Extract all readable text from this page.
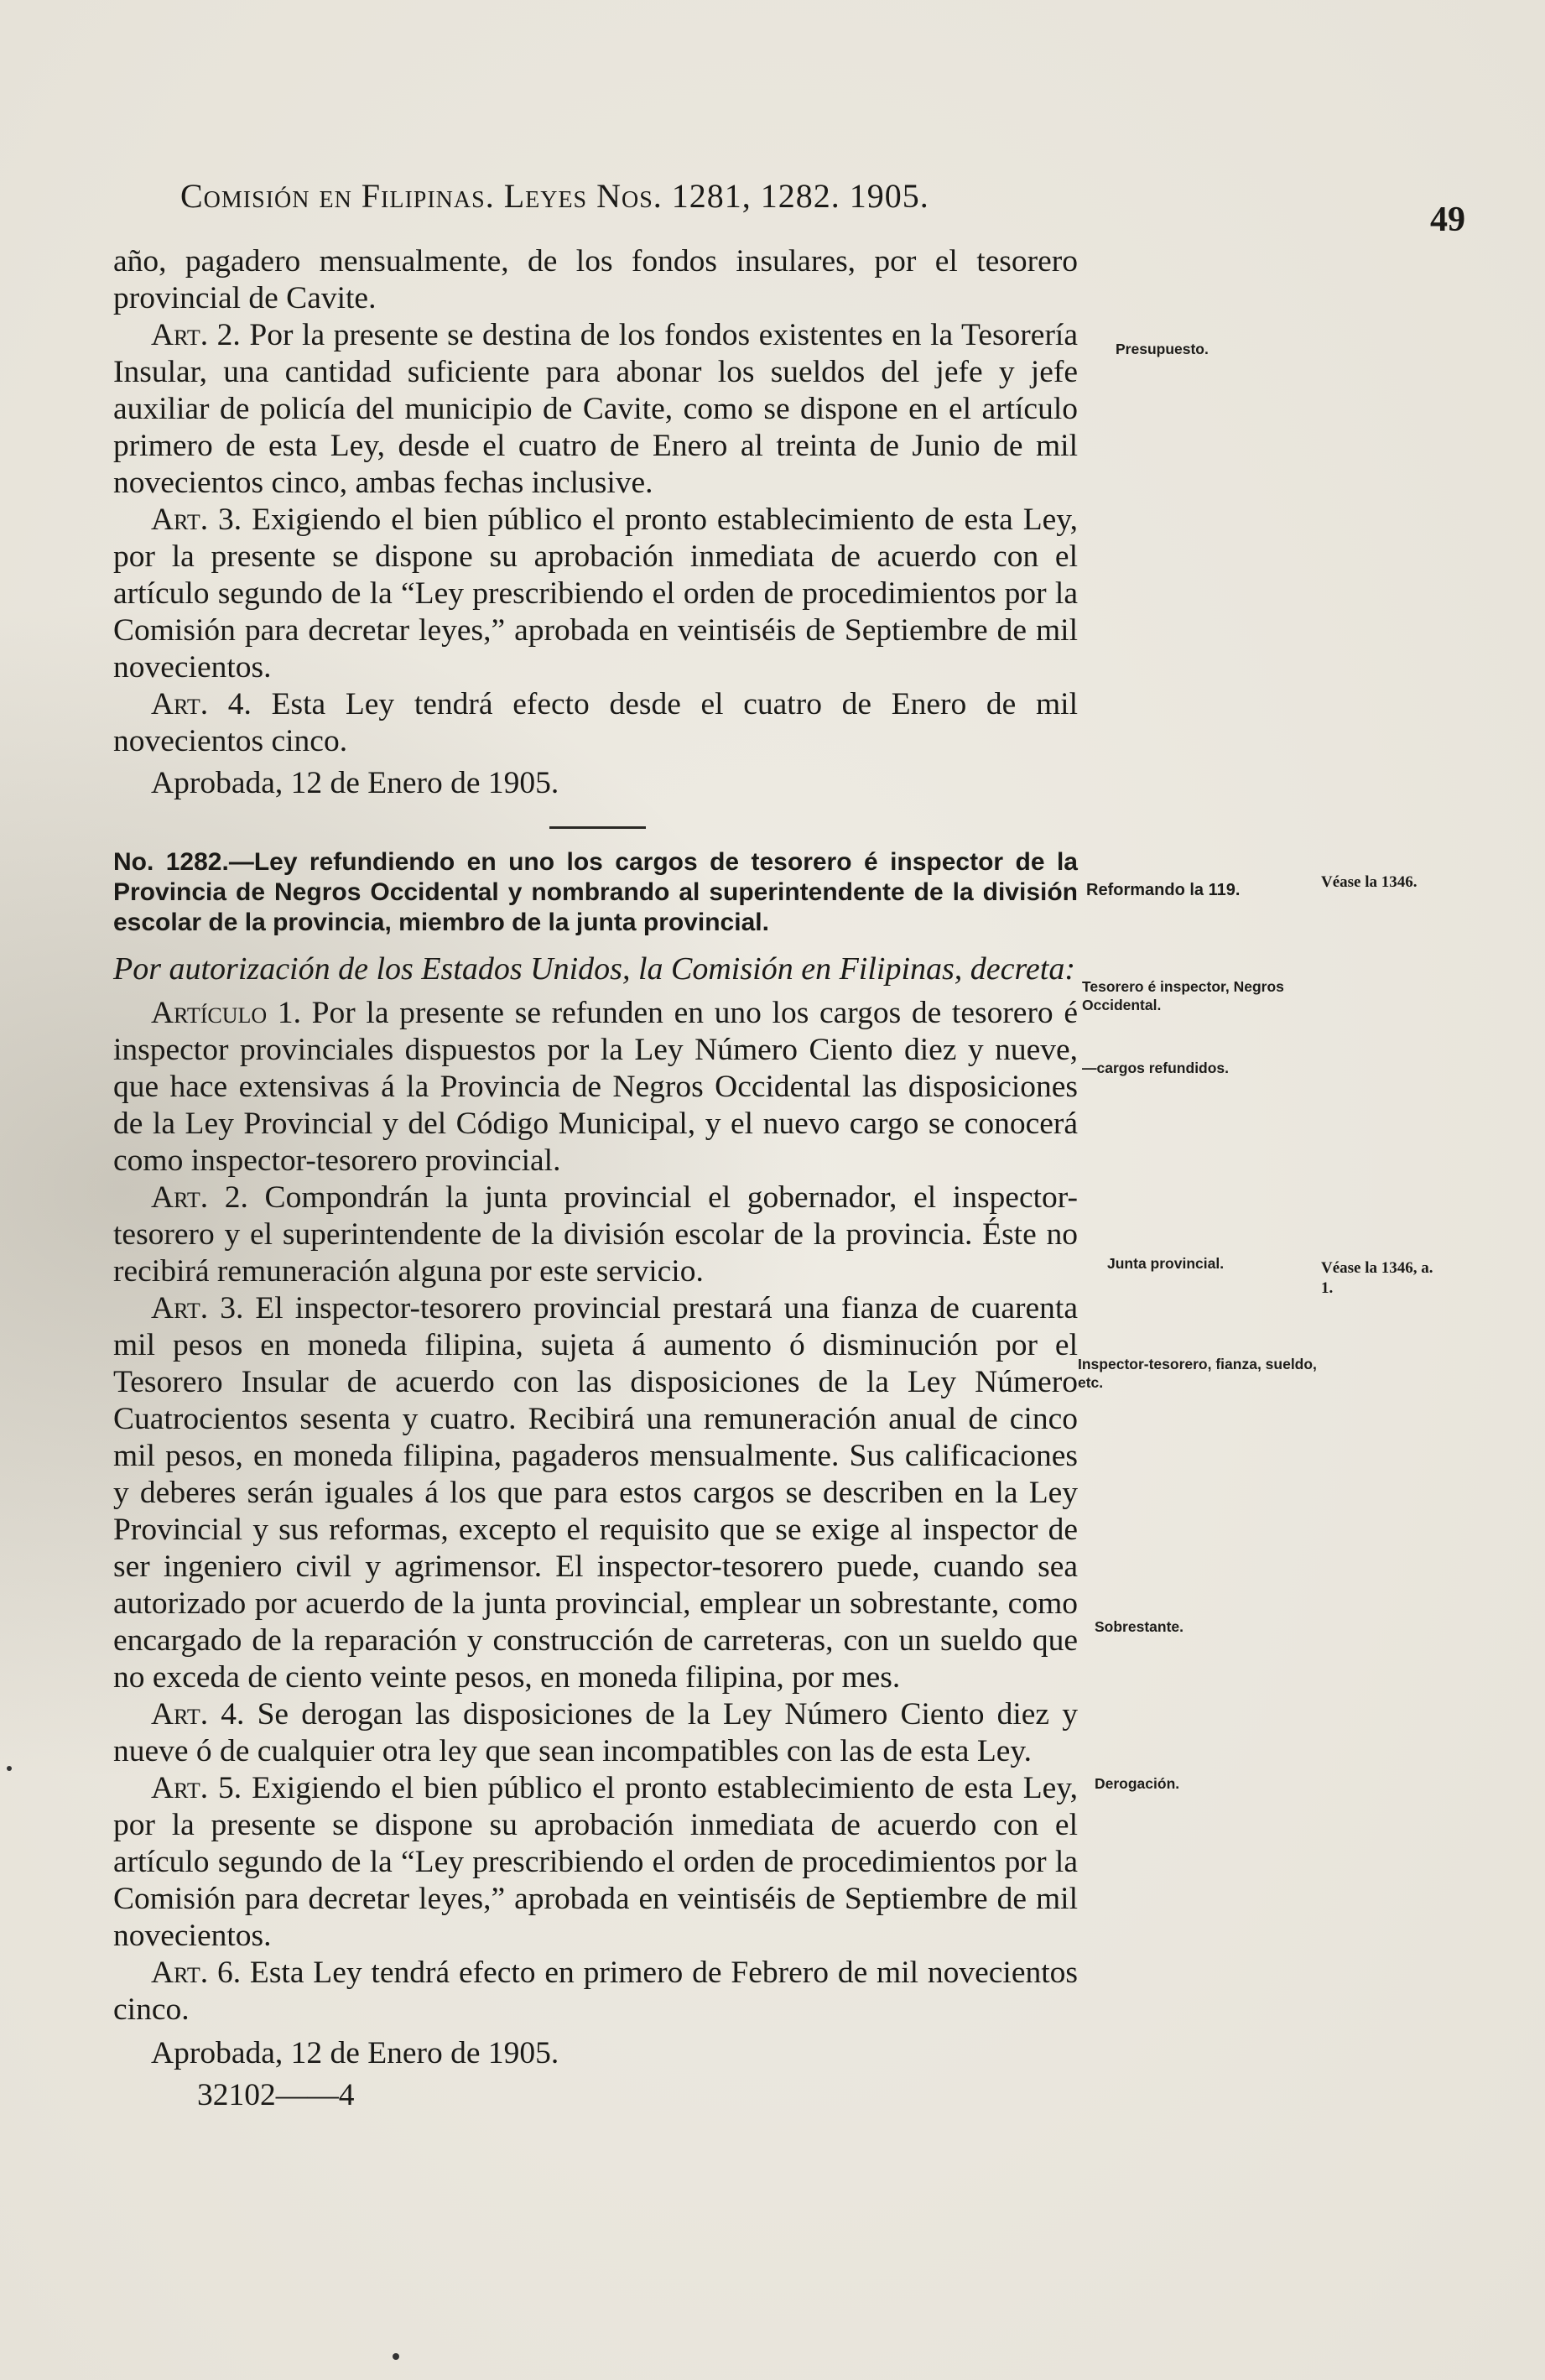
Comisión en Filipinas. Leyes Nos. 1281, 1282. 1905.
49

año, pagadero mensualmente, de los fondos insulares, por el tesorero provincial de Cavite.

Art. 2. Por la presente se destina de los fondos existentes en la Tesorería Insular, una cantidad suficiente para abonar los sueldos del jefe y jefe auxiliar de policía del municipio de Cavite, como se dispone en el artículo primero de esta Ley, desde el cuatro de Enero al treinta de Junio de mil novecientos cinco, ambas fechas inclusive.

Art. 3. Exigiendo el bien público el pronto establecimiento de esta Ley, por la presente se dispone su aprobación inmediata de acuerdo con el artículo segundo de la “Ley prescribiendo el orden de procedimientos por la Comisión para decretar leyes,” aprobada en veintiséis de Septiembre de mil novecientos.

Art. 4. Esta Ley tendrá efecto desde el cuatro de Enero de mil novecientos cinco.

Aprobada, 12 de Enero de 1905.

No. 1282.—Ley refundiendo en uno los cargos de tesorero é inspector de la Provincia de Negros Occidental y nombrando al superintendente de la división escolar de la provincia, miembro de la junta provincial.

Por autorización de los Estados Unidos, la Comisión en Filipinas, decreta:

Artículo 1. Por la presente se refunden en uno los cargos de tesorero é inspector provinciales dispuestos por la Ley Número Ciento diez y nueve, que hace extensivas á la Provincia de Negros Occidental las disposiciones de la Ley Provincial y del Código Municipal, y el nuevo cargo se conocerá como inspector-tesorero provincial.

Art. 2. Compondrán la junta provincial el gobernador, el inspector-tesorero y el superintendente de la división escolar de la provincia. Éste no recibirá remuneración alguna por este servicio.

Art. 3. El inspector-tesorero provincial prestará una fianza de cuarenta mil pesos en moneda filipina, sujeta á aumento ó disminución por el Tesorero Insular de acuerdo con las disposiciones de la Ley Número Cuatrocientos sesenta y cuatro. Recibirá una remuneración anual de cinco mil pesos, en moneda filipina, pagaderos mensualmente. Sus calificaciones y deberes serán iguales á los que para estos cargos se describen en la Ley Provincial y sus reformas, excepto el requisito que se exige al inspector de ser ingeniero civil y agrimensor. El inspector-tesorero puede, cuando sea autorizado por acuerdo de la junta provincial, emplear un sobrestante, como encargado de la reparación y construcción de carreteras, con un sueldo que no exceda de ciento veinte pesos, en moneda filipina, por mes.

Art. 4. Se derogan las disposiciones de la Ley Número Ciento diez y nueve ó de cualquier otra ley que sean incompatibles con las de esta Ley.

Art. 5. Exigiendo el bien público el pronto establecimiento de esta Ley, por la presente se dispone su aprobación inmediata de acuerdo con el artículo segundo de la “Ley prescribiendo el orden de procedimientos por la Comisión para decretar leyes,” aprobada en veintiséis de Septiembre de mil novecientos.

Art. 6. Esta Ley tendrá efecto en primero de Febrero de mil novecientos cinco.

Aprobada, 12 de Enero de 1905.

32102——4

Presupuesto.
Reformando la 119.	Véase la 1346.
Tesorero é inspector, Negros Occidental.
—cargos refundidos.
Junta provincial.	Véase la 1346, a. 1.
Inspector-tesorero, fianza, sueldo, etc.
Sobrestante.
Derogación.
